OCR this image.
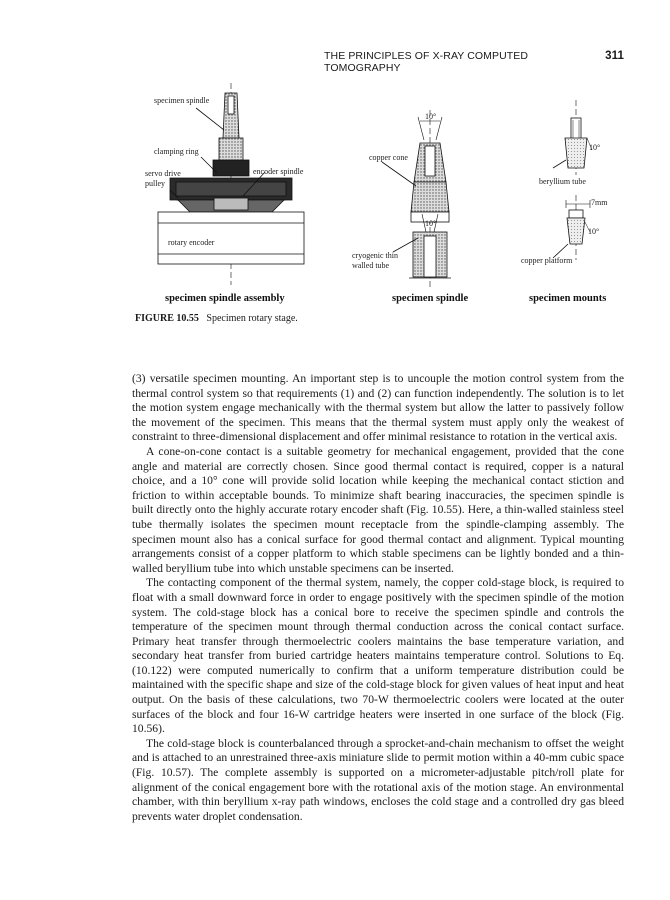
THE PRINCIPLES OF X-RAY COMPUTED TOMOGRAPHY
311
specimen spindle
clamping ring
servo drive
pulley
encoder spindle
rotary encoder
specimen spindle assembly
10°
10°
copper cone
cryogenic thin
walled tube
specimen spindle
10°
beryllium tube
7mm
10°
copper platform
specimen mounts
FIGURE 10.55 Specimen rotary stage.

(3) versatile specimen mounting. An important step is to uncouple the motion control system from the thermal control system so that requirements (1) and (2) can function independently. The solution is to let the motion system engage mechanically with the thermal system but allow the latter to passively follow the movement of the specimen. This means that the thermal system must apply only the weakest of constraint to three-dimensional displacement and offer minimal resistance to rotation in the vertical axis.

A cone-on-cone contact is a suitable geometry for mechanical engagement, provided that the cone angle and material are correctly chosen. Since good thermal contact is required, copper is a natural choice, and a 10° cone will provide solid location while keeping the mechanical contact stiction and friction to within acceptable bounds. To minimize shaft bearing inaccuracies, the specimen spindle is built directly onto the highly accurate rotary encoder shaft (Fig. 10.55). Here, a thin-walled stainless steel tube thermally isolates the specimen mount receptacle from the spindle-clamping assembly. The specimen mount also has a conical surface for good thermal contact and alignment. Typical mounting arrangements consist of a copper platform to which stable specimens can be lightly bonded and a thin-walled beryllium tube into which unstable specimens can be inserted.

The contacting component of the thermal system, namely, the copper cold-stage block, is required to float with a small downward force in order to engage positively with the specimen spindle of the motion system. The cold-stage block has a conical bore to receive the specimen spindle and controls the temperature of the specimen mount through thermal conduction across the conical contact surface. Primary heat transfer through thermoelectric coolers maintains the base temperature variation, and secondary heat transfer from buried cartridge heaters maintains temperature control. Solutions to Eq. (10.122) were computed numerically to confirm that a uniform temperature distribution could be maintained with the specific shape and size of the cold-stage block for given values of heat input and heat output. On the basis of these calculations, two 70-W thermoelectric coolers were located at the outer surfaces of the block and four 16-W cartridge heaters were inserted in one surface of the block (Fig. 10.56).

The cold-stage block is counterbalanced through a sprocket-and-chain mechanism to offset the weight and is attached to an unrestrained three-axis miniature slide to permit motion within a 40-mm cubic space (Fig. 10.57). The complete assembly is supported on a micrometer-adjustable pitch/roll plate for alignment of the conical engagement bore with the rotational axis of the motion stage. An environmental chamber, with thin beryllium x-ray path windows, encloses the cold stage and a controlled dry gas bleed prevents water droplet condensation.
